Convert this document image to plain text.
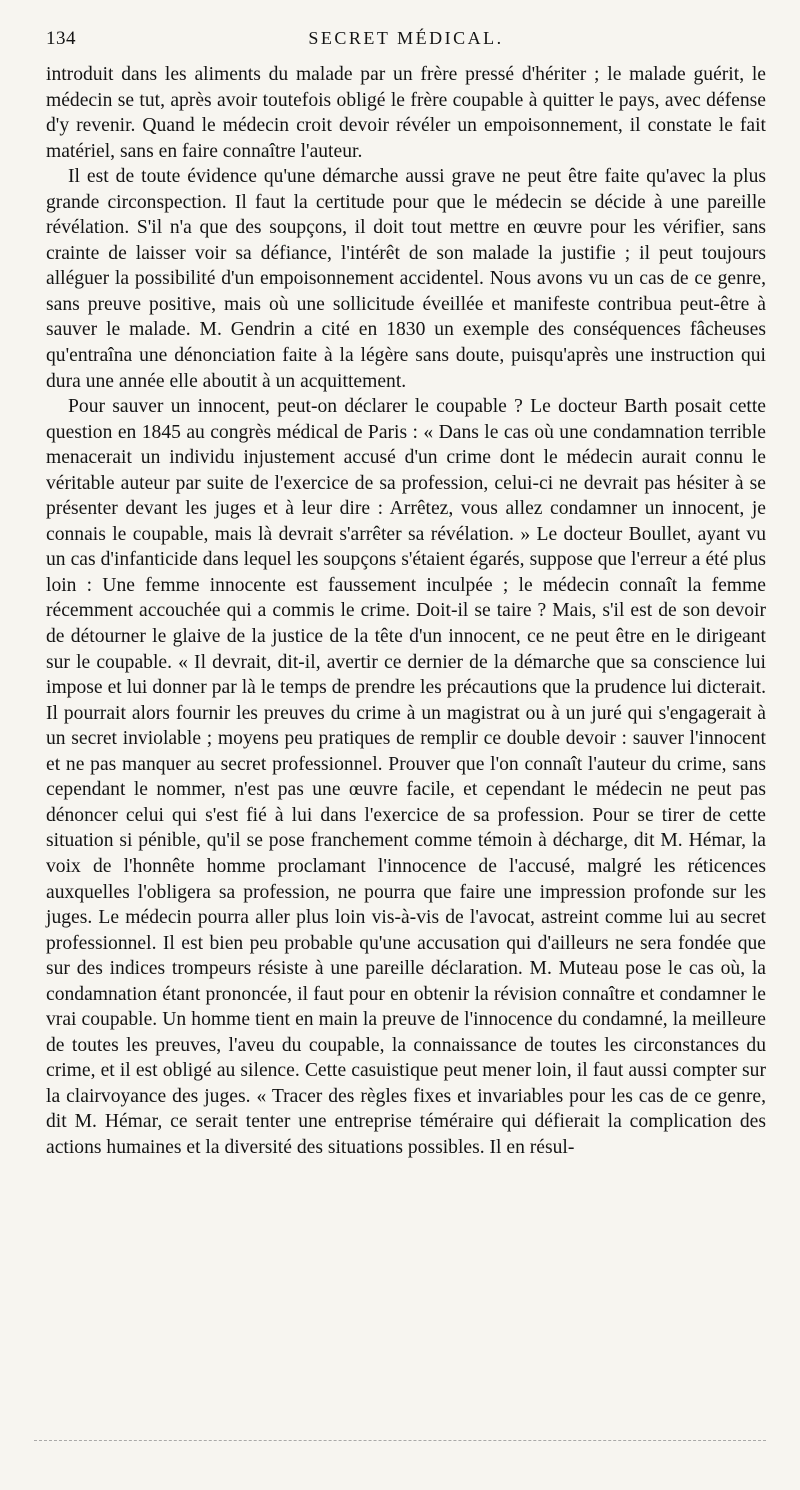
134	SECRET MÉDICAL.

introduit dans les aliments du malade par un frère pressé d'hériter ; le malade guérit, le médecin se tut, après avoir toutefois obligé le frère coupable à quitter le pays, avec défense d'y revenir. Quand le médecin croit devoir révéler un empoisonnement, il constate le fait matériel, sans en faire connaître l'auteur.

Il est de toute évidence qu'une démarche aussi grave ne peut être faite qu'avec la plus grande circonspection. Il faut la certitude pour que le médecin se décide à une pareille révélation. S'il n'a que des soupçons, il doit tout mettre en œuvre pour les vérifier, sans crainte de laisser voir sa défiance, l'intérêt de son malade la justifie ; il peut toujours alléguer la possibilité d'un empoisonnement accidentel. Nous avons vu un cas de ce genre, sans preuve positive, mais où une sollicitude éveillée et manifeste contribua peut-être à sauver le malade. M. Gendrin a cité en 1830 un exemple des conséquences fâcheuses qu'entraîna une dénonciation faite à la légère sans doute, puisqu'après une instruction qui dura une année elle aboutit à un acquittement.

Pour sauver un innocent, peut-on déclarer le coupable ? Le docteur Barth posait cette question en 1845 au congrès médical de Paris : « Dans le cas où une condamnation terrible menacerait un individu injustement accusé d'un crime dont le médecin aurait connu le véritable auteur par suite de l'exercice de sa profession, celui-ci ne devrait pas hésiter à se présenter devant les juges et à leur dire : Arrêtez, vous allez condamner un innocent, je connais le coupable, mais là devrait s'arrêter sa révélation. » Le docteur Boullet, ayant vu un cas d'infanticide dans lequel les soupçons s'étaient égarés, suppose que l'erreur a été plus loin : Une femme innocente est faussement inculpée ; le médecin connaît la femme récemment accouchée qui a commis le crime. Doit-il se taire ? Mais, s'il est de son devoir de détourner le glaive de la justice de la tête d'un innocent, ce ne peut être en le dirigeant sur le coupable. « Il devrait, dit-il, avertir ce dernier de la démarche que sa conscience lui impose et lui donner par là le temps de prendre les précautions que la prudence lui dicterait. Il pourrait alors fournir les preuves du crime à un magistrat ou à un juré qui s'engagerait à un secret inviolable ; moyens peu pratiques de remplir ce double devoir : sauver l'innocent et ne pas manquer au secret professionnel. Prouver que l'on connaît l'auteur du crime, sans cependant le nommer, n'est pas une œuvre facile, et cependant le médecin ne peut pas dénoncer celui qui s'est fié à lui dans l'exercice de sa profession. Pour se tirer de cette situation si pénible, qu'il se pose franchement comme témoin à décharge, dit M. Hémar, la voix de l'honnête homme proclamant l'innocence de l'accusé, malgré les réticences auxquelles l'obligera sa profession, ne pourra que faire une impression profonde sur les juges. Le médecin pourra aller plus loin vis-à-vis de l'avocat, astreint comme lui au secret professionnel. Il est bien peu probable qu'une accusation qui d'ailleurs ne sera fondée que sur des indices trompeurs résiste à une pareille déclaration. M. Muteau pose le cas où, la condamnation étant prononcée, il faut pour en obtenir la révision connaître et condamner le vrai coupable. Un homme tient en main la preuve de l'innocence du condamné, la meilleure de toutes les preuves, l'aveu du coupable, la connaissance de toutes les circonstances du crime, et il est obligé au silence. Cette casuistique peut mener loin, il faut aussi compter sur la clairvoyance des juges. « Tracer des règles fixes et invariables pour les cas de ce genre, dit M. Hémar, ce serait tenter une entreprise téméraire qui défierait la complication des actions humaines et la diversité des situations possibles. Il en résul-
